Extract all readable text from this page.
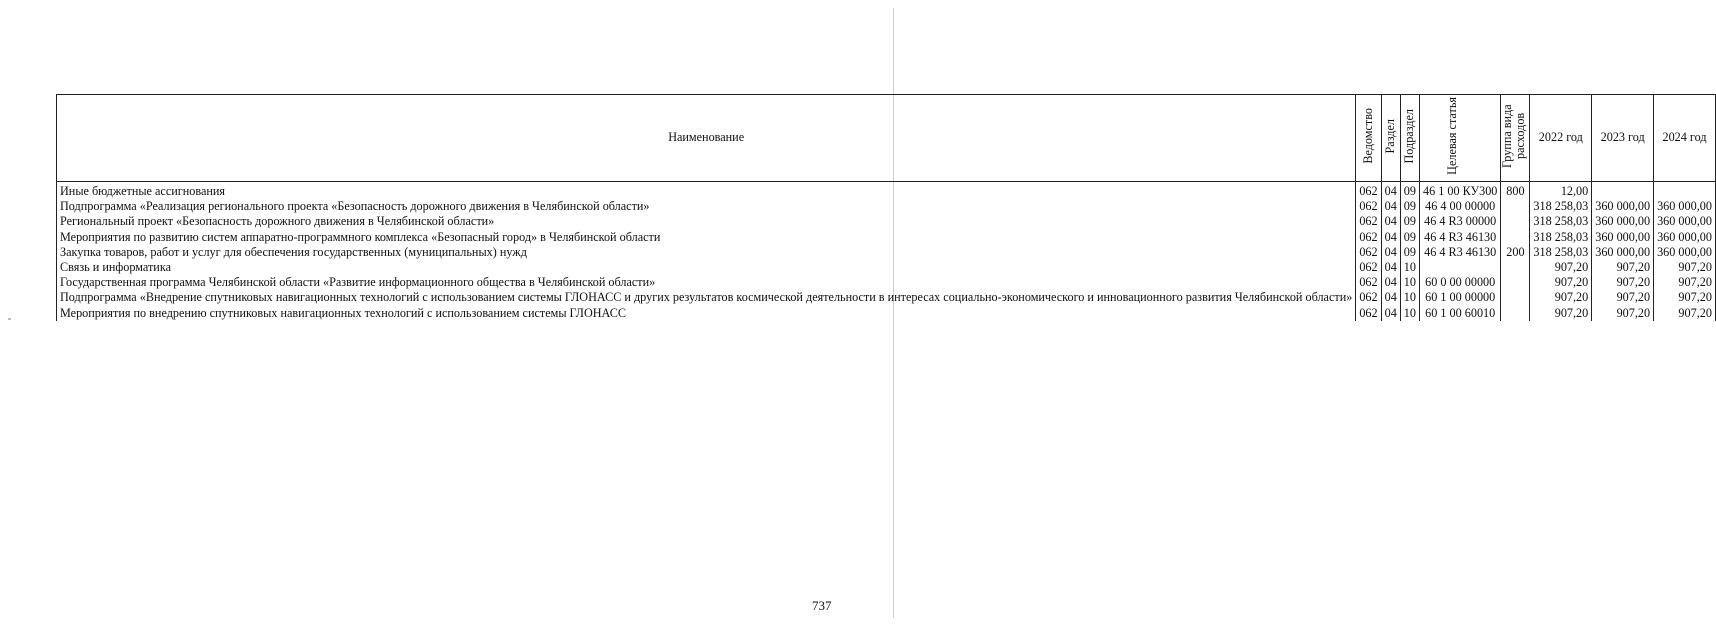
Наименование	Ведомство	Раздел	Подраздел	Целевая статья	Группа вида расходов	2022 год	2023 год	2024 год
Иные бюджетные ассигнования	062	04	09	46 1 00 КУ300	800	12,00		
Подпрограмма «Реализация регионального проекта «Безопасность дорожного движения в Челябинской области»	062	04	09	46 4 00 00000		318 258,03	360 000,00	360 000,00
Региональный проект «Безопасность дорожного движения в Челябинской области»	062	04	09	46 4 R3 00000		318 258,03	360 000,00	360 000,00
Мероприятия по развитию систем аппаратно-программного комплекса «Безопасный город» в Челябинской области	062	04	09	46 4 R3 46130		318 258,03	360 000,00	360 000,00
Закупка товаров, работ и услуг для обеспечения государственных (муниципальных) нужд	062	04	09	46 4 R3 46130	200	318 258,03	360 000,00	360 000,00
Связь и информатика	062	04	10			907,20	907,20	907,20
Государственная программа Челябинской области «Развитие информационного общества в Челябинской области»	062	04	10	60 0 00 00000		907,20	907,20	907,20
Подпрограмма «Внедрение спутниковых навигационных технологий с использованием системы ГЛОНАСС и других результатов космической деятельности в интересах социально-экономического и инновационного развития Челябинской области»	062	04	10	60 1 00 00000		907,20	907,20	907,20
Мероприятия по внедрению спутниковых навигационных технологий с использованием системы ГЛОНАСС	062	04	10	60 1 00 60010		907,20	907,20	907,20
737
